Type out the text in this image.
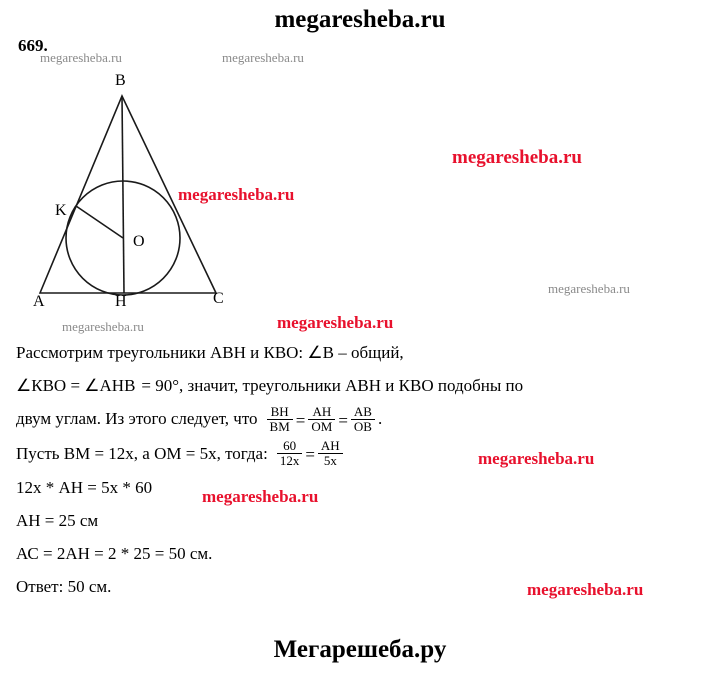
megaresheba.ru
669.
megaresheba.ru	megaresheba.ru
megaresheba.ru
megaresheba.ru
megaresheba.ru
megaresheba.ru
megaresheba.ru
megaresheba.ru
megaresheba.ru
megaresheba.ru
B
K
O
A	H	C
Рассмотрим треугольники АВН и КВО: ∠В – общий,
∠КВО = ∠АНВ = 90°, значит, треугольники АВН и КВО подобны по
двум углам. Из этого следует, что $\frac{ВН}{ВМ} = \frac{АН}{ОМ} = \frac{АВ}{ОВ}$ .
Пусть ВМ = 12х, а ОМ = 5х, тогда: $\frac{60}{12х} = \frac{АН}{5х}$
12х * АН = 5х * 60
АН = 25 см
АС = 2АН = 2 * 25 = 50 см.
Ответ: 50 см.
Мегарешеба.ру
